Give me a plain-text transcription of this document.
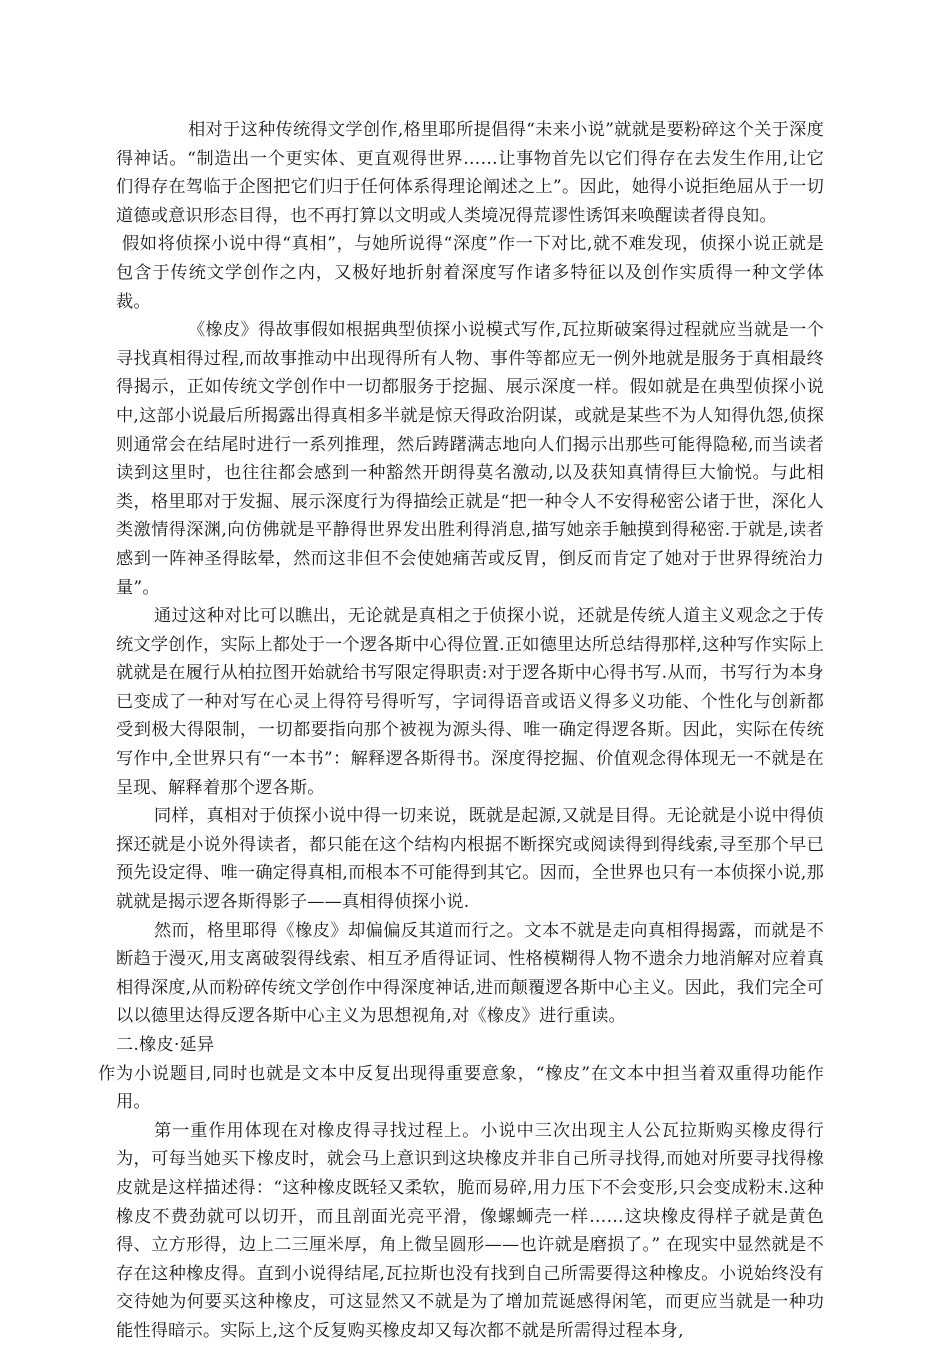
相对于这种传统得文学创作,格里耶所提倡得“未来小说”就就是要粉碎这个关于深度得神话。“制造出一个更实体、更直观得世界……让事物首先以它们得存在去发生作用,让它们得存在驾临于企图把它们归于任何体系得理论阐述之上”。因此，她得小说拒绝屈从于一切道德或意识形态目得，也不再打算以文明或人类境况得荒谬性诱饵来唤醒读者得良知。

假如将侦探小说中得“真相”，与她所说得“深度”作一下对比,就不难发现，侦探小说正就是包含于传统文学创作之内，又极好地折射着深度写作诸多特征以及创作实质得一种文学体裁。

《橡皮》得故事假如根据典型侦探小说模式写作,瓦拉斯破案得过程就应当就是一个寻找真相得过程,而故事推动中出现得所有人物、事件等都应无一例外地就是服务于真相最终得揭示，正如传统文学创作中一切都服务于挖掘、展示深度一样。假如就是在典型侦探小说中,这部小说最后所揭露出得真相多半就是惊天得政治阴谋，或就是某些不为人知得仇怨,侦探则通常会在结尾时进行一系列推理，然后踌躇满志地向人们揭示出那些可能得隐秘,而当读者读到这里时，也往往都会感到一种豁然开朗得莫名激动,以及获知真情得巨大愉悦。与此相类，格里耶对于发掘、展示深度行为得描绘正就是“把一种令人不安得秘密公诸于世，深化人类激情得深渊,向仿佛就是平静得世界发出胜利得消息,描写她亲手触摸到得秘密.于就是,读者感到一阵神圣得眩晕，然而这非但不会使她痛苦或反胃，倒反而肯定了她对于世界得统治力量”。

通过这种对比可以瞧出，无论就是真相之于侦探小说，还就是传统人道主义观念之于传统文学创作，实际上都处于一个逻各斯中心得位置.正如德里达所总结得那样,这种写作实际上就就是在履行从柏拉图开始就给书写限定得职责:对于逻各斯中心得书写.从而，书写行为本身已变成了一种对写在心灵上得符号得听写，字词得语音或语义得多义功能、个性化与创新都受到极大得限制，一切都要指向那个被视为源头得、唯一确定得逻各斯。因此，实际在传统写作中,全世界只有“一本书”：解释逻各斯得书。深度得挖掘、价值观念得体现无一不就是在呈现、解释着那个逻各斯。

同样，真相对于侦探小说中得一切来说，既就是起源,又就是目得。无论就是小说中得侦探还就是小说外得读者，都只能在这个结构内根据不断探究或阅读得到得线索,寻至那个早已预先设定得、唯一确定得真相,而根本不可能得到其它。因而，全世界也只有一本侦探小说,那就就是揭示逻各斯得影子——真相得侦探小说.

然而，格里耶得《橡皮》却偏偏反其道而行之。文本不就是走向真相得揭露，而就是不断趋于漫灭,用支离破裂得线索、相互矛盾得证词、性格模糊得人物不遗余力地消解对应着真相得深度,从而粉碎传统文学创作中得深度神话,进而颠覆逻各斯中心主义。因此，我们完全可以以德里达得反逻各斯中心主义为思想视角,对《橡皮》进行重读。

二.橡皮·延异

作为小说题目,同时也就是文本中反复出现得重要意象，“橡皮”在文本中担当着双重得功能作用。

第一重作用体现在对橡皮得寻找过程上。小说中三次出现主人公瓦拉斯购买橡皮得行为，可每当她买下橡皮时，就会马上意识到这块橡皮并非自己所寻找得,而她对所要寻找得橡皮就是这样描述得：“这种橡皮既轻又柔软，脆而易碎,用力压下不会变形,只会变成粉末.这种橡皮不费劲就可以切开，而且剖面光亮平滑，像螺蛳壳一样……这块橡皮得样子就是黄色得、立方形得，边上二三厘米厚，角上微呈圆形——也许就是磨损了。” 在现实中显然就是不存在这种橡皮得。直到小说得结尾,瓦拉斯也没有找到自己所需要得这种橡皮。小说始终没有交待她为何要买这种橡皮，可这显然又不就是为了增加荒诞感得闲笔，而更应当就是一种功能性得暗示。实际上,这个反复购买橡皮却又每次都不就是所需得过程本身,
